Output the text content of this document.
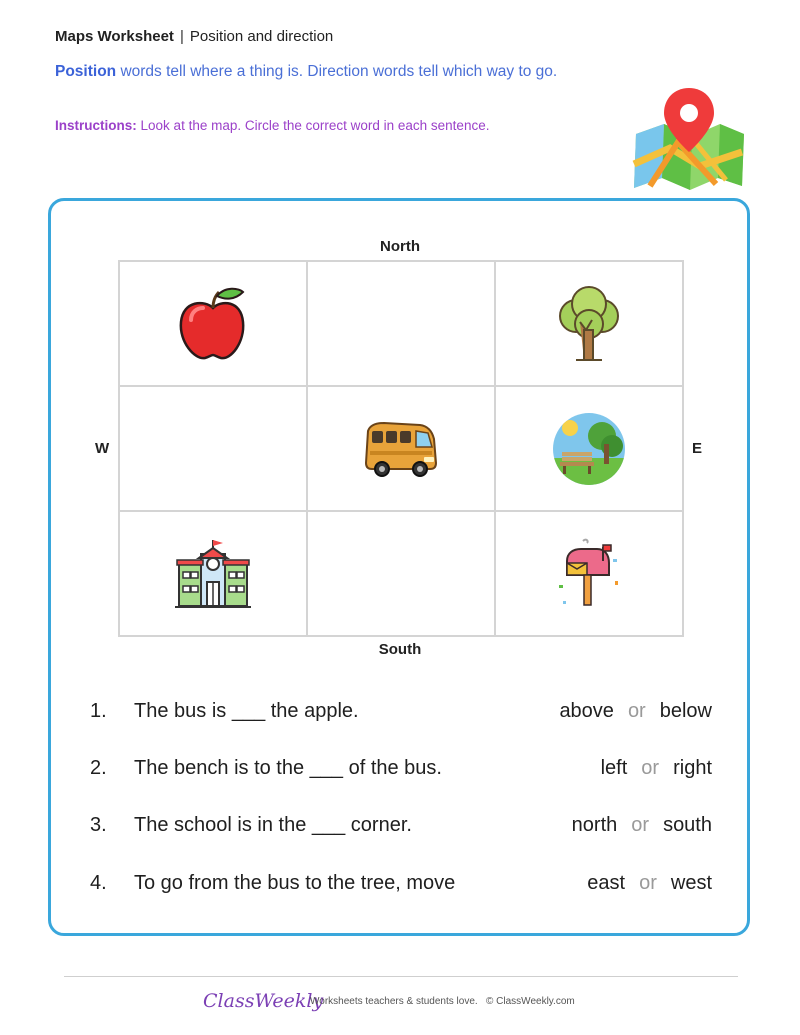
Maps Worksheet | Position and direction
Position words tell where a thing is. Direction words tell which way to go.
Instructions: Look at the map. Circle the correct word in each sentence.
North
South
W	E
1. The bus is ___ the apple.	above or below
2. The bench is to the ___ of the bus.	left or right
3. The school is in the ___ corner.	north or south
4. To go from the bus to the tree, move	east or west
ClassWeekly
Worksheets teachers & students love. © ClassWeekly.com
